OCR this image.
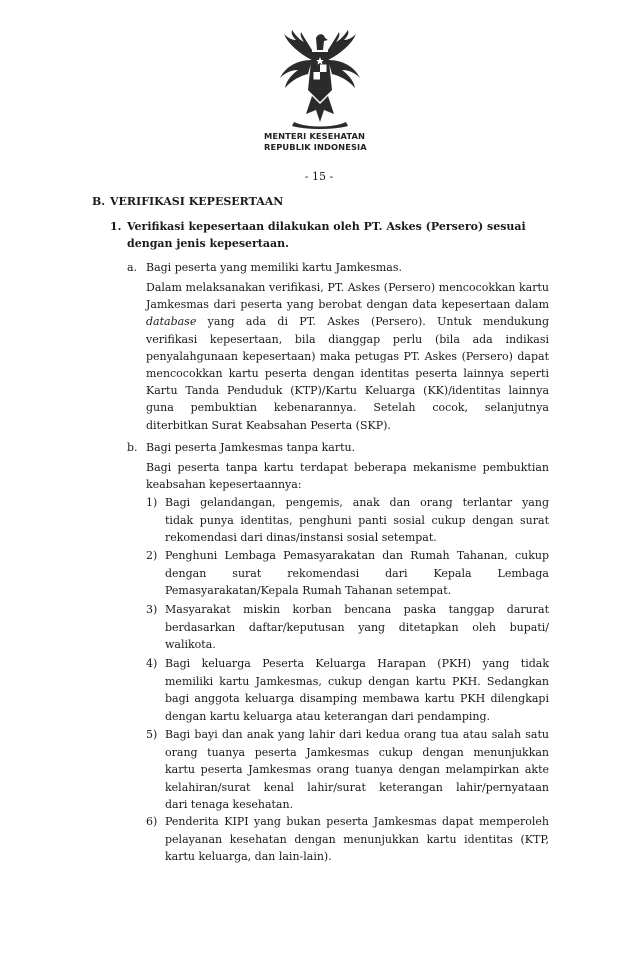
MENTERI KESEHATAN
REPUBLIK INDONESIA
- 15 -
B. VERIFIKASI KEPESERTAAN
1. Verifikasi kepesertaan dilakukan oleh PT. Askes (Persero) sesuai
dengan jenis kepesertaan.
a. Bagi peserta yang memiliki kartu Jamkesmas.
Dalam melaksanakan verifikasi, PT. Askes (Persero) mencocokkan kartu
Jamkesmas dari peserta yang berobat dengan data kepesertaan dalam
database yang ada di PT. Askes (Persero). Untuk mendukung
verifikasi kepesertaan, bila dianggap perlu (bila ada indikasi
penyalahgunaan kepesertaan) maka petugas PT. Askes (Persero) dapat
mencocokkan kartu peserta dengan identitas peserta lainnya seperti
Kartu Tanda Penduduk (KTP)/Kartu Keluarga (KK)/identitas lainnya
guna pembuktian kebenarannya. Setelah cocok, selanjutnya
diterbitkan Surat Keabsahan Peserta (SKP).
b. Bagi peserta Jamkesmas tanpa kartu.
Bagi peserta tanpa kartu terdapat beberapa mekanisme pembuktian
keabsahan kepesertaannya:
1) Bagi gelandangan, pengemis, anak dan orang terlantar yang
tidak punya identitas, penghuni panti sosial cukup dengan surat
rekomendasi dari dinas/instansi sosial setempat.
2) Penghuni Lembaga Pemasyarakatan dan Rumah Tahanan, cukup
dengan surat rekomendasi dari Kepala Lembaga
Pemasyarakatan/Kepala Rumah Tahanan setempat.
3) Masyarakat miskin korban bencana paska tanggap darurat
berdasarkan daftar/keputusan yang ditetapkan oleh bupati/
walikota.
4) Bagi keluarga Peserta Keluarga Harapan (PKH) yang tidak
memiliki kartu Jamkesmas, cukup dengan kartu PKH. Sedangkan
bagi anggota keluarga disamping membawa kartu PKH dilengkapi
dengan kartu keluarga atau keterangan dari pendamping.
5) Bagi bayi dan anak yang lahir dari kedua orang tua atau salah satu
orang tuanya peserta Jamkesmas cukup dengan menunjukkan
kartu peserta Jamkesmas orang tuanya dengan melampirkan akte
kelahiran/surat kenal lahir/surat keterangan lahir/pernyataan
dari tenaga kesehatan.
6) Penderita KIPI yang bukan peserta Jamkesmas dapat memperoleh
pelayanan kesehatan dengan menunjukkan kartu identitas (KTP,
kartu keluarga, dan lain-lain).
